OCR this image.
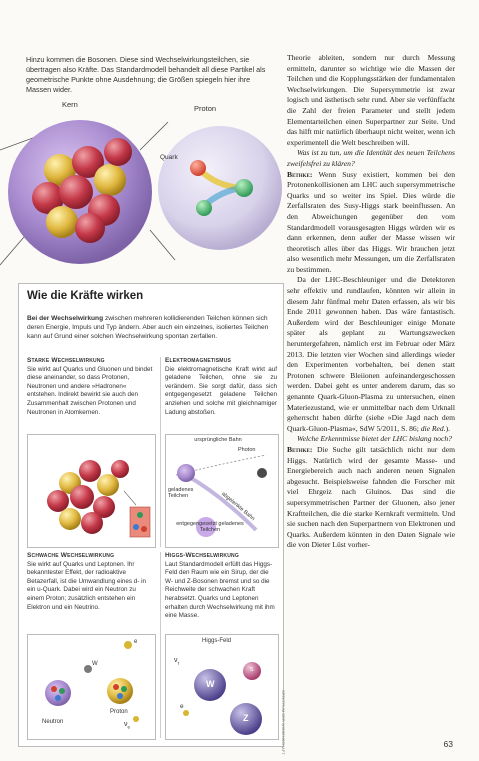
Hinzu kommen die Bosonen. Diese sind Wechselwirkungsteilchen, sie übertragen also Kräfte. Das Standardmodell behandelt all diese Partikel als geometrische Punkte ohne Ausdehnung; die Größen spiegeln hier ihre Massen wider.
Kern	Proton
Quark
Wie die Kräfte wirken
Bei der Wechselwirkung zwischen mehreren kollidierenden Teilchen können sich deren Energie, Impuls und Typ ändern. Aber auch ein einzelnes, isoliertes Teilchen kann auf Grund einer solchen Wechselwirkung spontan zerfallen.
Starke Wechselwirkung
Sie wirkt auf Quarks und Gluonen und bindet diese aneinander, so dass Protonen, Neutronen und andere »Hadronen« entstehen. Indirekt bewirkt sie auch den Zusammenhalt zwischen Protonen und Neutronen in Atomkernen.
Elektromagnetismus
Die elektromagnetische Kraft wirkt auf geladene Teilchen, ohne sie zu verändern. Sie sorgt dafür, dass sich entgegengesetzt geladene Teilchen anziehen und solche mit gleichnamiger Ladung abstoßen.
ursprüngliche Bahn
Photon
geladenes Teilchen	abgelenkte Bahn
entgegengesetzt geladenes Teilchen
Schwache Wechselwirkung
Sie wirkt auf Quarks und Leptonen. Ihr bekanntester Effekt, der radioaktive Betazerfall, ist die Umwandlung eines d- in ein u-Quark. Dabei wird ein Neutron zu einem Proton; zusätzlich entstehen ein Elektron und ein Neutrino.
Higgs-Wechselwirkung
Laut Standardmodell erfüllt das Higgs-Feld den Raum wie ein Sirup, der die W- und Z-Bosonen bremst und so die Reichweite der schwachen Kraft herabsetzt. Quarks und Leptonen erhalten durch Wechselwirkung mit ihm eine Masse.
Neutron
Proton
W
e
$\nu_e$
Higgs-Feld
W
Z
s
e
$\nu_\tau$
SPEKTRUM DER WISSENSCHAFT

Theorie ableiten, sondern nur durch Messung ermitteln, darunter so wichtige wie die Massen der Teilchen und die Kopplungsstärken der fundamentalen Wechselwirkungen. Die Supersymmetrie ist zwar logisch und ästhetisch sehr rund. Aber sie verfünffacht die Zahl der freien Parameter und stellt jedem Elementarteilchen einen Superpartner zur Seite. Und das hilft mir natürlich überhaupt nicht weiter, wenn ich experimentell die Welt beschreiben will.

Was ist zu tun, um die Identität des neuen Teilchens zweifelsfrei zu klären?

Bethke: Wenn Susy existiert, kommen bei den Protonenkollisionen am LHC auch supersymmetrische Quarks und so weiter ins Spiel. Dies würde die Zerfallsraten des Susy-Higgs stark beeinflussen. An den Abweichungen gegenüber den vom Standardmodell vorausgesagten Higgs würden wir es dann erkennen, denn außer der Masse wissen wir theoretisch alles über das Higgs. Wir brauchen jetzt also wesentlich mehr Messungen, um die Zerfallsraten zu bestimmen.

Da der LHC-Beschleuniger und die Detektoren sehr effektiv und rundlaufen, könnten wir allein in diesem Jahr fünfmal mehr Daten erfassen, als wir bis Ende 2011 gewonnen haben. Das wäre fantastisch. Außerdem wird der Beschleuniger einige Monate später als geplant zu Wartungszwecken heruntergefahren, nämlich erst im Februar oder März 2013. Die letzten vier Wochen sind allerdings wieder den Experimenten vorbehalten, bei denen statt Protonen schwere Bleiionen aufeinandergeschossen werden. Dabei geht es unter anderem darum, das so genannte Quark-Gluon-Plasma zu untersuchen, einen Materiezustand, wie er unmittelbar nach dem Urknall geherrscht haben dürfte (siehe »Die Jagd nach dem Quark-Gluon-Plasma«, SdW 5/2011, S. 86; die Red.).

Welche Erkenntnisse bietet der LHC bislang noch?

Bethke: Die Suche gilt tatsächlich nicht nur dem Higgs. Natürlich wird der gesamte Masse- und Energiebereich auch nach anderen neuen Signalen abgesucht. Beispielsweise fahnden die Forscher mit viel Ehrgeiz nach Gluinos. Das sind die supersymmetrischen Partner der Gluonen, also jener Kraftteilchen, die die starke Kernkraft vermitteln. Und sie suchen nach den Superpartnern von Elektronen und Quarks. Außerdem könnten in den Daten Signale wie die von Dieter Lüst vorher-

63
